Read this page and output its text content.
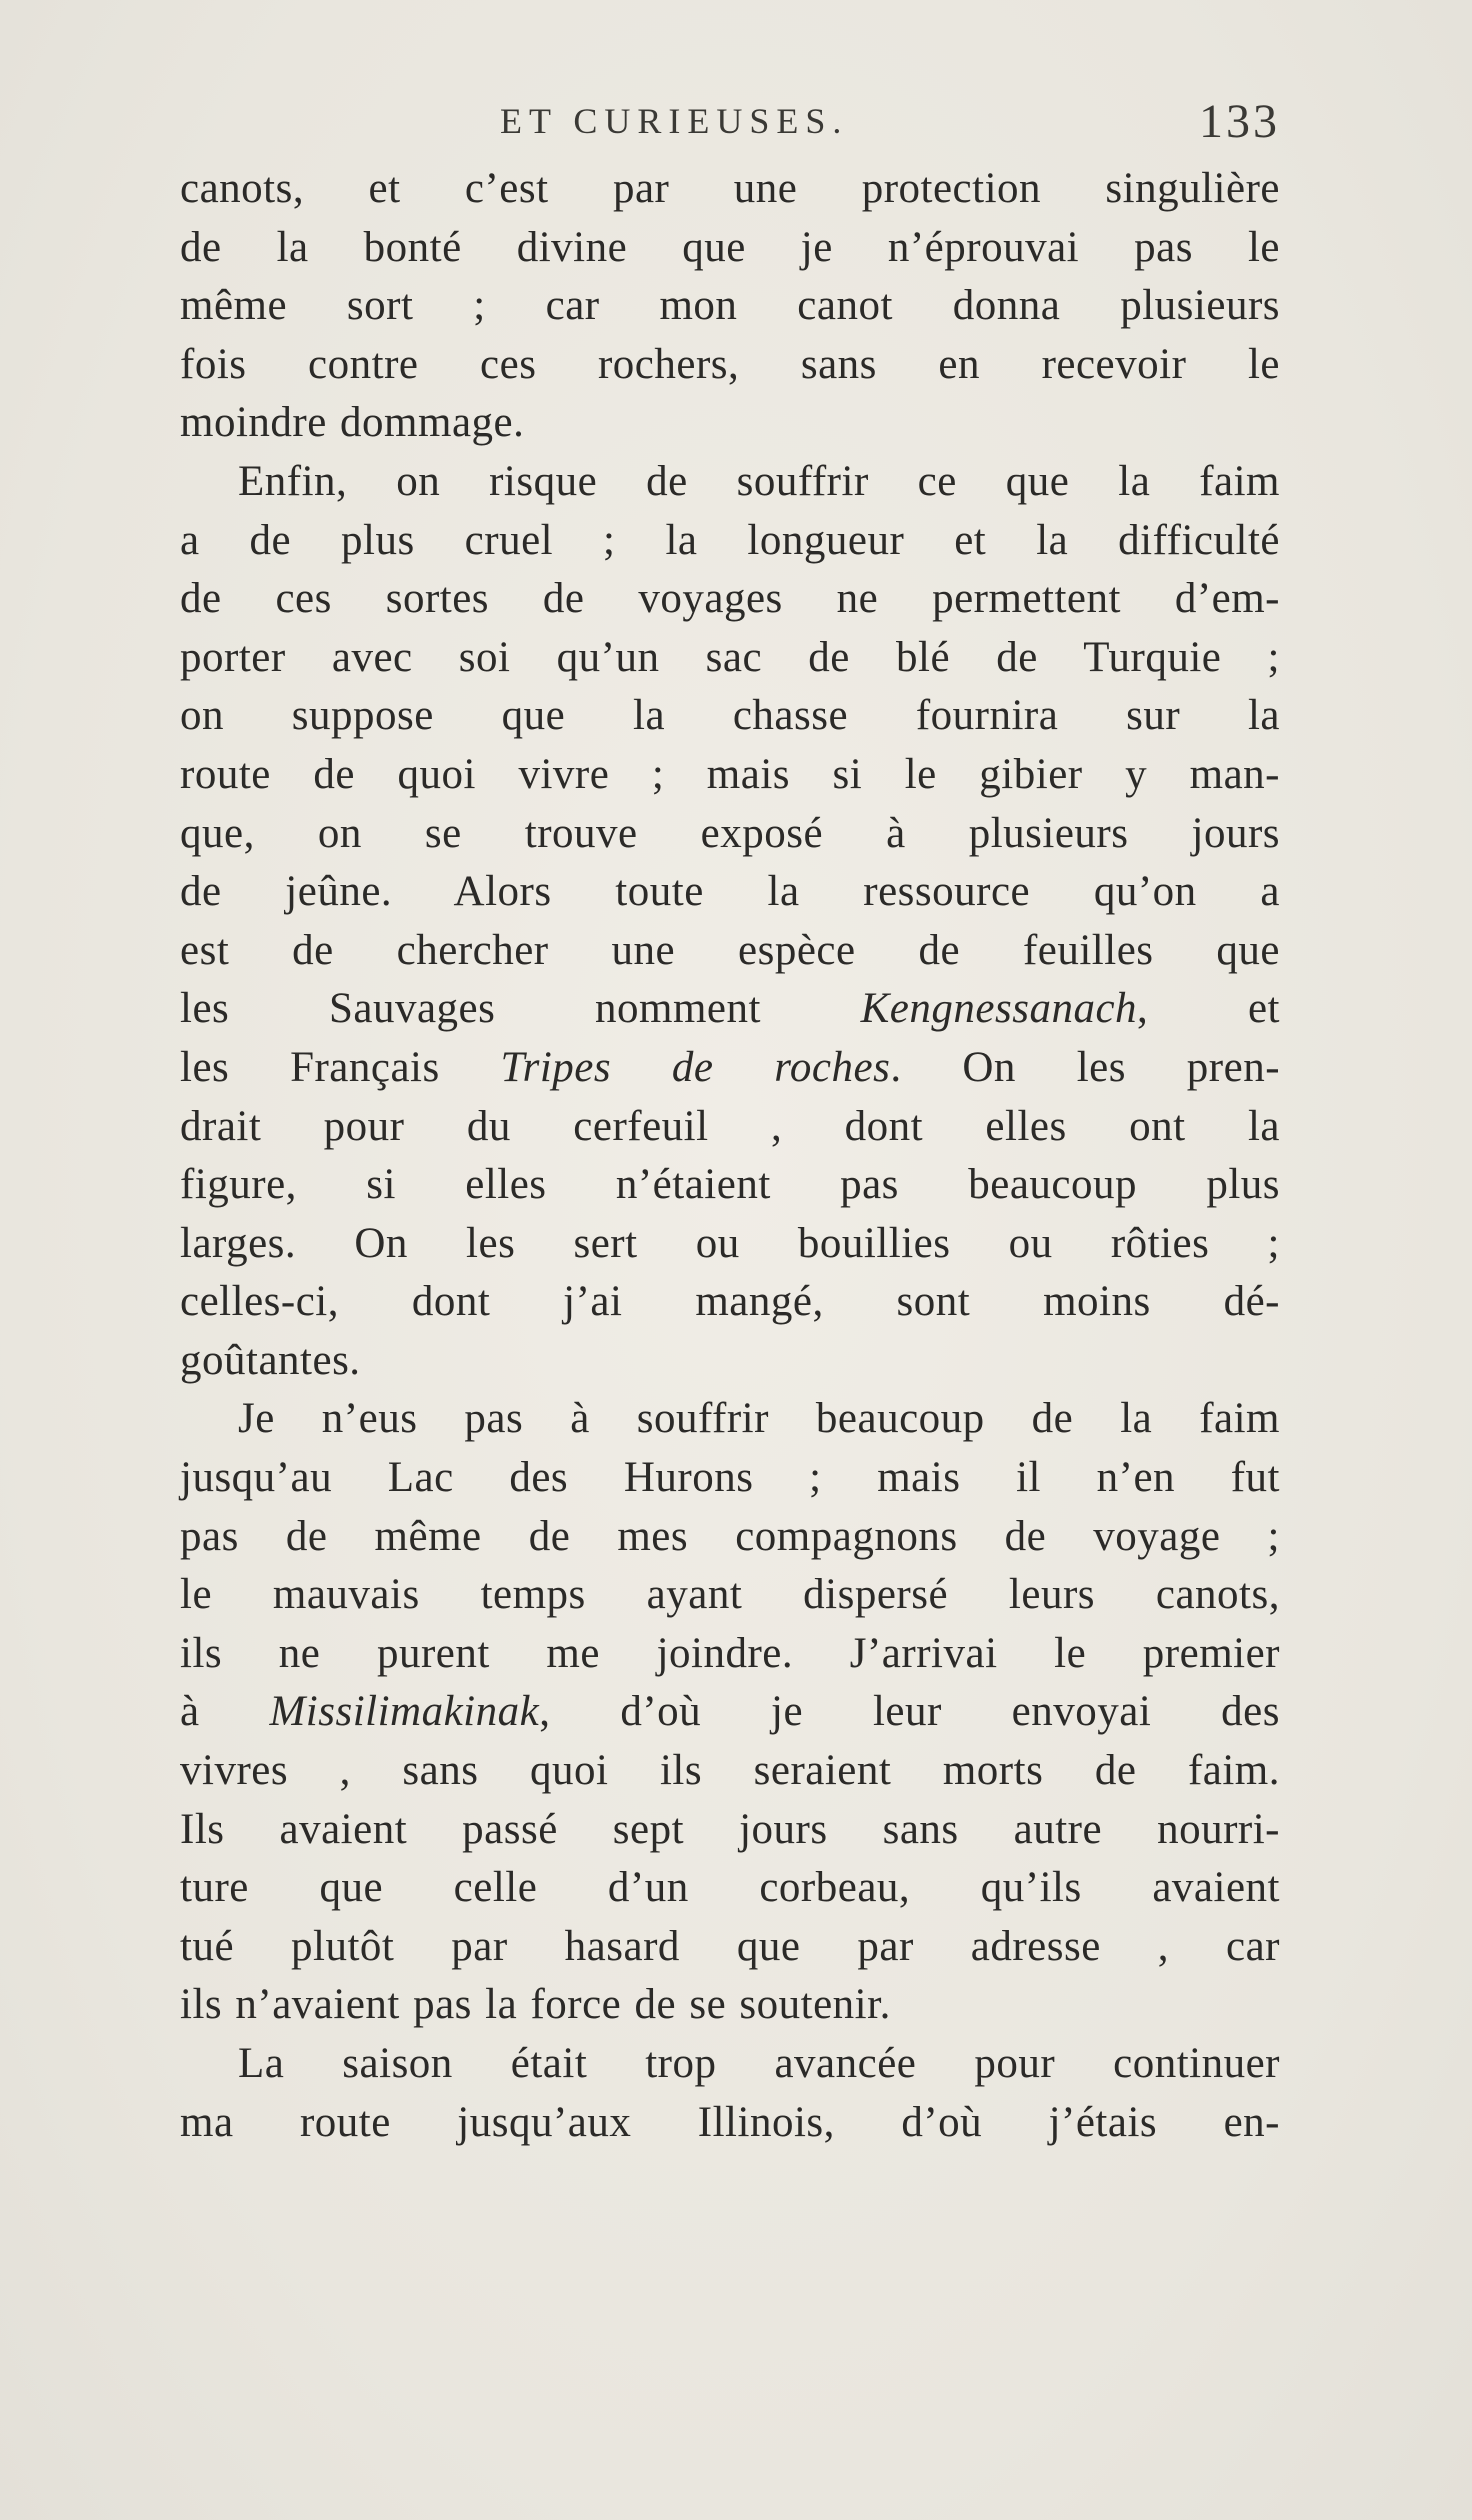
ET CURIEUSES.	133
canots, et c’est par une protection singulière
de la bonté divine que je n’éprouvai pas le
même sort ; car mon canot donna plusieurs
fois contre ces rochers, sans en recevoir le
moindre dommage.
Enfin, on risque de souffrir ce que la faim
a de plus cruel ; la longueur et la difficulté
de ces sortes de voyages ne permettent d’em-
porter avec soi qu’un sac de blé de Turquie ;
on suppose que la chasse fournira sur la
route de quoi vivre ; mais si le gibier y man-
que, on se trouve exposé à plusieurs jours
de jeûne. Alors toute la ressource qu’on a
est de chercher une espèce de feuilles que
les Sauvages nomment Kengnessanach, et
les Français Tripes de roches. On les pren-
drait pour du cerfeuil , dont elles ont la
figure, si elles n’étaient pas beaucoup plus
larges. On les sert ou bouillies ou rôties ;
celles-ci, dont j’ai mangé, sont moins dé-
goûtantes.
Je n’eus pas à souffrir beaucoup de la faim
jusqu’au Lac des Hurons ; mais il n’en fut
pas de même de mes compagnons de voyage ;
le mauvais temps ayant dispersé leurs canots,
ils ne purent me joindre. J’arrivai le premier
à Missilimakinak, d’où je leur envoyai des
vivres , sans quoi ils seraient morts de faim.
Ils avaient passé sept jours sans autre nourri-
ture que celle d’un corbeau, qu’ils avaient
tué plutôt par hasard que par adresse , car
ils n’avaient pas la force de se soutenir.
La saison était trop avancée pour continuer
ma route jusqu’aux Illinois, d’où j’étais en-
